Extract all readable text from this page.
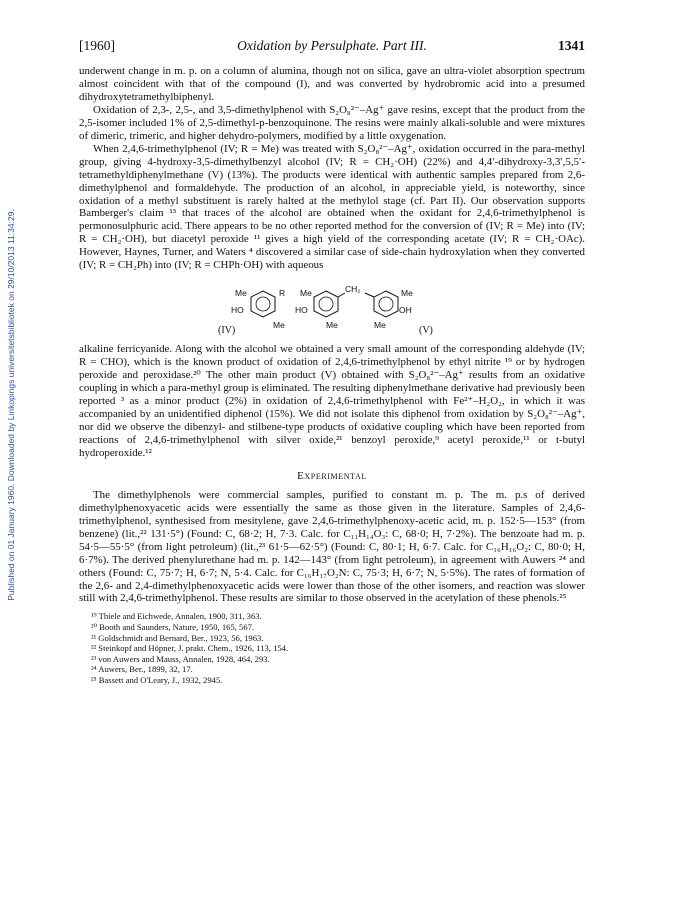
Published on 01 January 1960. Downloaded by Linkopings universitetsbibliotek on 29/10/2013 11:34:29.
[1960]	Oxidation by Persulphate. Part III.	1341

underwent change in m. p. on a column of alumina, though not on silica, gave an ultra-violet absorption spectrum almost coincident with that of the compound (I), and was converted by hydrobromic acid into a presumed dihydroxytetramethylbiphenyl.

Oxidation of 2,3-, 2,5-, and 3,5-dimethylphenol with S₂O₈²⁻–Ag⁺ gave resins, except that the product from the 2,5-isomer included 1% of 2,5-dimethyl-p-benzoquinone. The resins were mainly alkali-soluble and were mixtures of dimeric, trimeric, and higher dehydro-polymers, modified by a little oxygenation.

When 2,4,6-trimethylphenol (IV; R = Me) was treated with S₂O₈²⁻–Ag⁺, oxidation occurred in the para-methyl group, giving 4-hydroxy-3,5-dimethylbenzyl alcohol (IV; R = CH₂·OH) (22%) and 4,4′-dihydroxy-3,3′,5,5′-tetramethyldiphenylmethane (V) (13%). The products were identical with authentic samples prepared from 2,6-dimethylphenol and formaldehyde. The production of an alcohol, in appreciable yield, is noteworthy, since oxidation of a methyl substituent is rarely halted at the methylol stage (cf. Part II). Our observation supports Bamberger's claim ¹³ that traces of the alcohol are obtained when the oxidant for 2,4,6-trimethylphenol is permonosulphuric acid. There appears to be no other reported method for the conversion of (IV; R = Me) into (IV; R = CH₂·OH), but diacetyl peroxide ¹¹ gives a high yield of the corresponding acetate (IV; R = CH₂·OAc). However, Haynes, Turner, and Waters ⁴ discovered a similar case of side-chain hydroxylation when they converted (IV; R = CH₂Ph) into (IV; R = CHPh·OH) with aqueous

Me	R
HO
Me
Me	CH₂	Me
HO	OH
Me	Me
(IV)	(V)

alkaline ferricyanide. Along with the alcohol we obtained a very small amount of the corresponding aldehyde (IV; R = CHO), which is the known product of oxidation of 2,4,6-trimethylphenol by ethyl nitrite ¹⁹ or by hydrogen peroxide and peroxidase.²⁰ The other main product (V) obtained with S₂O₈²⁻–Ag⁺ results from an oxidative coupling in which a para-methyl group is eliminated. The resulting diphenylmethane derivative had previously been reported ³ as a minor product (2%) in oxidation of 2,4,6-trimethylphenol with Fe²⁺–H₂O₂, in which it was accompanied by an unidentified diphenol (15%). We did not isolate this diphenol from oxidation by S₂O₈²⁻–Ag⁺, nor did we observe the dibenzyl- and stilbene-type products of oxidative coupling which have been reported from reactions of 2,4,6-trimethylphenol with silver oxide,²¹ benzoyl peroxide,⁹ acetyl peroxide,¹¹ or t-butyl hydroperoxide.¹²

Experimental

The dimethylphenols were commercial samples, purified to constant m. p. The m. p.s of derived dimethylphenoxyacetic acids were essentially the same as those given in the literature. Samples of 2,4,6-trimethylphenol, synthesised from mesitylene, gave 2,4,6-trimethylphenoxy-acetic acid, m. p. 152·5—153° (from benzene) (lit.,²² 131·5°) (Found: C, 68·2; H, 7·3. Calc. for C₁₁H₁₄O₃: C, 68·0; H, 7·2%). The benzoate had m. p. 54·5—55·5° (from light petroleum) (lit.,²³ 61·5—62·5°) (Found: C, 80·1; H, 6·7. Calc. for C₁₆H₁₆O₂: C, 80·0; H, 6·7%). The derived phenylurethane had m. p. 142—143° (from light petroleum), in agreement with Auwers ²⁴ and others (Found: C, 75·7; H, 6·7; N, 5·4. Calc. for C₁₆H₁₇O₂N: C, 75·3; H, 6·7; N, 5·5%). The rates of formation of the 2,6- and 2,4-dimethylphenoxyacetic acids were lower than those of the other isomers, and reaction was slower still with 2,4,6-trimethylphenol. These results are similar to those observed in the acetylation of these phenols.²⁵

¹⁹ Thiele and Eichwede, Annalen, 1900, 311, 363.
²⁰ Booth and Saunders, Nature, 1950, 165, 567.
²¹ Goldschmidt and Bernard, Ber., 1923, 56, 1963.
²² Steinkopf and Höpner, J. prakt. Chem., 1926, 113, 154.
²³ von Auwers and Mauss, Annalen, 1928, 464, 293.
²⁴ Auwers, Ber., 1899, 32, 17.
²⁵ Bassett and O'Leary, J., 1932, 2945.
